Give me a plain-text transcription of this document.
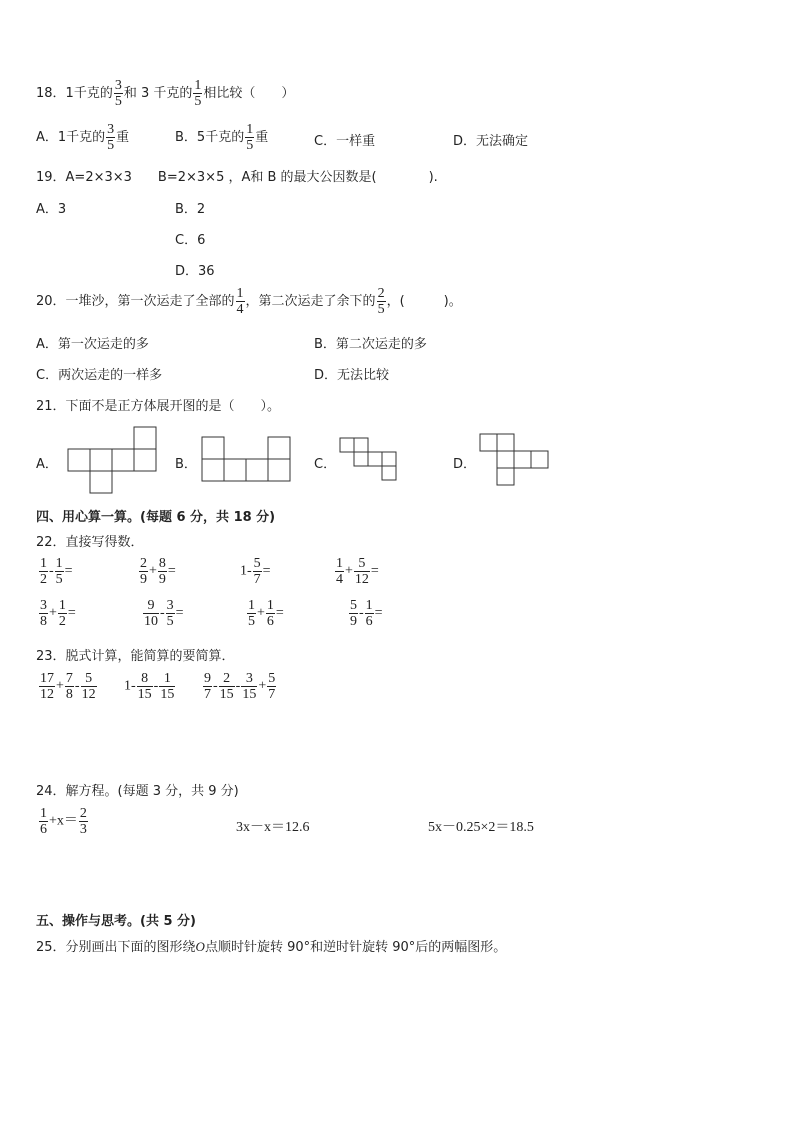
18．1千克的 $\frac{3}{5}$ 和 3 千克的 $\frac{1}{5}$ 相比较（　　）
A．1千克的 $\frac{3}{5}$ 重	B．5千克的 $\frac{1}{5}$ 重	C．一样重	D．无法确定
19．A=2×3×3　　B=2×3×5 ，A和 B 的最大公因数是(　　　　).
A．3	B．2
C．6
D．36
20．一堆沙，第一次运走了全部的 $\frac{1}{4}$ ，第二次运走了余下的 $\frac{2}{5}$ ，(　　　)。
A．第一次运走的多	B．第二次运走的多
C．两次运走的一样多	D．无法比较
21．下面不是正方体展开图的是（　　）。
A．	B．	C．	D．
四、用心算一算。(每题 6 分，共 18 分)
22．直接写得数．
$\frac{1}{2} - \frac{1}{5}$ =	$\frac{2}{9} + \frac{8}{9}$ =	$1- \frac{5}{7}$ =	$\frac{1}{4} + \frac{5}{12}$ =
$\frac{3}{8} + \frac{1}{2}$ =	$\frac{9}{10} - \frac{3}{5}$ =	$\frac{1}{5} + \frac{1}{6}$ =	$\frac{5}{9} - \frac{1}{6}$ =
23．脱式计算，能简算的要简算．
$\frac{17}{12} + \frac{7}{8} - \frac{5}{12} 1- \frac{8}{15} - \frac{1}{15} \frac{9}{7} - \frac{2}{15} - \frac{3}{15} + \frac{5}{7}$
24．解方程。(每题 3 分，共 9 分)
$\frac{1}{6} +x= \frac{2}{3}$	3x－x＝12.6	5x－0.25×2＝18.5
五、操作与思考。(共 5 分)
25．分别画出下面的图形绕O点顺时针旋转 90°和逆时针旋转 90°后的两幅图形。
